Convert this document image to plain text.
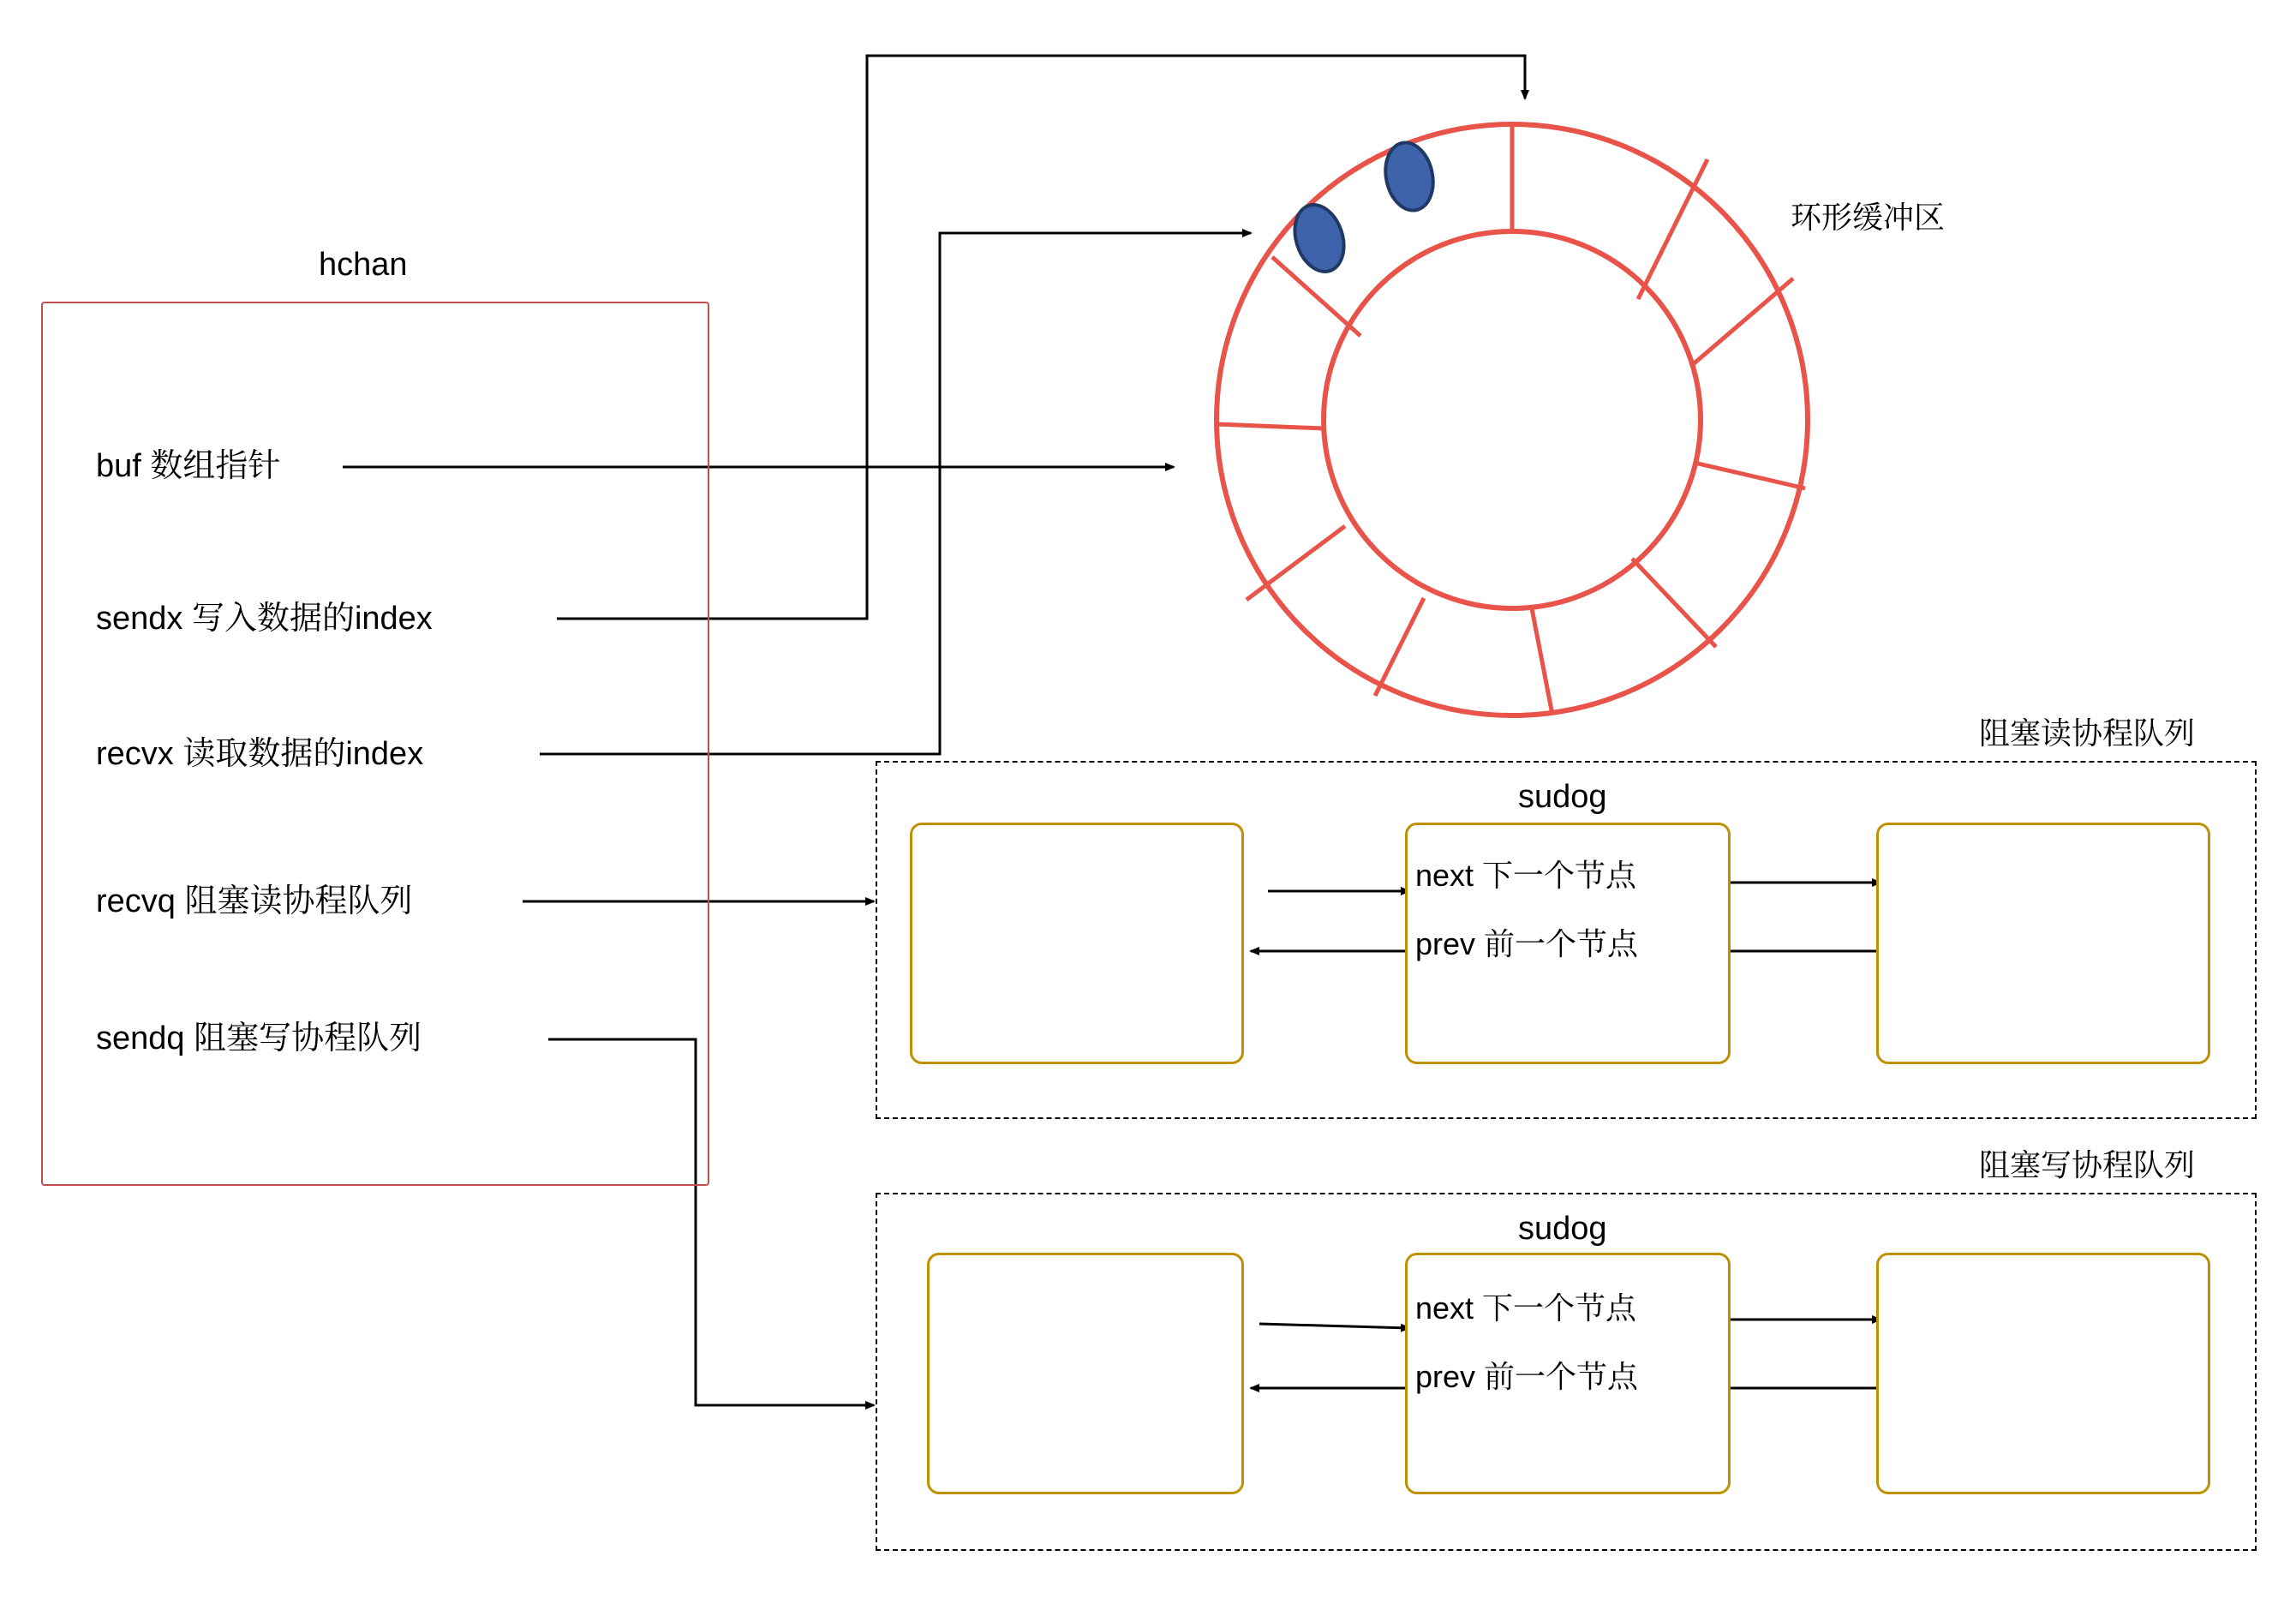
hchan
buf 数组指针
sendx 写入数据的index
recvx 读取数据的index
recvq 阻塞读协程队列
sendq 阻塞写协程队列
环形缓冲区
阻塞读协程队列
sudog
next 下一个节点
prev 前一个节点
阻塞写协程队列
sudog
next 下一个节点
prev 前一个节点
